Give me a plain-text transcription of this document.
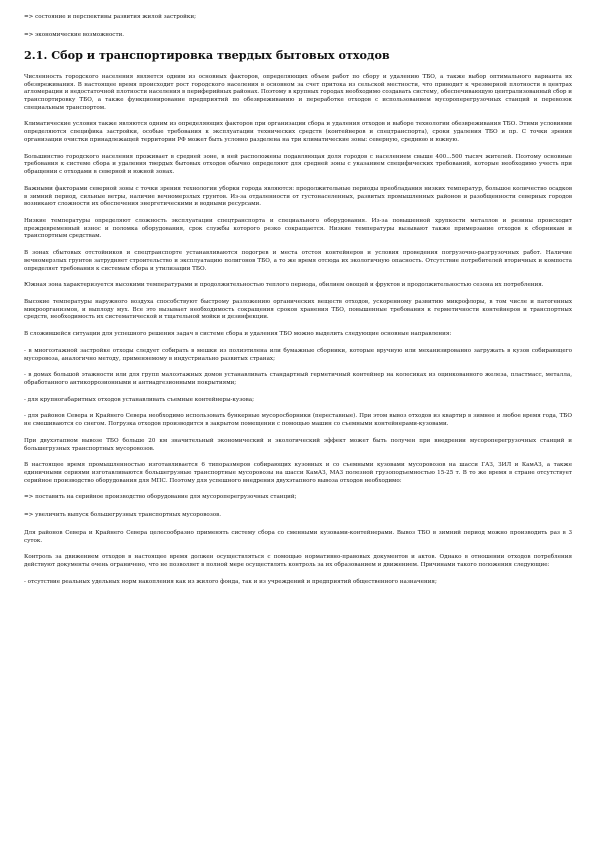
=> состояние и перспективы развития жилой застройки;

=> экономические возможности.

2.1. Сбор и транспортировка твердых бытовых отходов

Численность городского населения является одним из основных факторов, определяющих объем работ по сбору и удалению ТБО, а также выбор оптимального варианта их обезвреживания. В настоящее время происходит рост городского населения в основном за счет притока из сельской местности, что приводит к чрезмерной плотности в центрах агломерации и недостаточной плотности населения в периферийных районах. Поэтому в крупных городах необходимо создавать систему, обеспечивающую централизованный сбор и транспортировку ТБО, а также функционирование предприятий по обезвреживанию и переработке отходов с использованием мусороперегрузочных станций и перевозок специальным транспортом.

Климатические условия также являются одним из определяющих факторов при организации сбора и удаления отходов и выборе технологии обезвреживания ТБО. Этими условиями определяются специфика застройки, особые требования к эксплуатации технических средств (контейнеров и спецтранспорта), сроки удаления ТБО и пр. С точки зрения организации очистки принадлежащей территории РФ может быть условно разделена на три климатические зоны: северную, среднюю и южную.

Большинство городского населения проживает в средней зоне, в ней расположены подавляющая доля городов с населением свыше 400...500 тысяч жителей. Поэтому основные требования к системе сбора и удаления твердых бытовых отходов обычно определяют для средней зоны с указанием специфических требований, которые необходимо учесть при обращении с отходами в северной и южной зонах.

Важными факторами северной зоны с точки зрения технологии уборки города являются: продолжительные периоды преобладания низких температур, большое количество осадков в зимний период, сильные ветры, наличие вечномерзлых грунтов. Из-за отдаленности от густонаселенных, развитых промышленных районов и разобщенности северных городов возникают сложности их обеспечения энергетическими и водными ресурсами.

Низкие температуры определяют сложность эксплуатации спецтранспорта и специального оборудования. Из-за повышенной хрупкости металлов и резины происходит преждевременный износ и поломка оборудования, срок службы которого резко сокращается. Низкие температуры вызывают также примерзание отходов к сборникам и транспортным средствам.

В зонах сбытовых отстойников и спецтранспорте устанавливаются подогрев и места отстоя контейнеров и условия проведения погрузочно-разгрузочных работ. Наличие вечномерзлых грунтов затрудняет строительство и эксплуатацию полигонов ТБО, а то же время отсюда их экологичную опасность. Отсутствие потребителей вторичных и компоста определяет требования к системам сбора и утилизации ТБО.

Южная зона характеризуется высокими температурами и продолжительностью теплого периода, обилием овощей и фруктов и продолжительностью сезона их потребления.

Высокие температуры наружного воздуха способствуют быстрому разложению органических веществ отходов, ускоренному развитию микрофлоры, в том числе и патогенных микроорганизмов, и выплоду мух. Все это вызывает необходимость сокращения сроков хранения ТБО, повышенные требования к герметичности контейнеров и транспортных средств, необходимость их систематической и тщательной мойки и дезинфекции.

В сложившейся ситуации для успешного решения задач в системе сбора и удаления ТБО можно выделить следующие основные направления:

- в многоэтажной застройке отходы следует собирать в мешки из полиэтилена или бумажные сборники, которые вручную или механизированно загружать в кузов собирающего мусоровоза, аналогично методу, применяемому в индустриально развитых странах;

- в домах большой этажности или для групп малоэтажных домов устанавливать стандартный герметичный контейнер на колесиках из оцинкованного железа, пластмасс, металла, обработанного антикоррозионными и антиадгезионными покрытиями;

- для крупногабаритных отходов устанавливать съемные контейнеры-кузова;

- для районов Севера и Крайнего Севера необходимо использовать бункерные мусоросборники (переставные). При этом вывоз отходов из квартир в зимнее и любое время года, ТБО не смешиваются со снегом. Погрузка отходов производится в закрытом помещении с помощью машин со съемными контейнерами-кузовами.

При двухэтапном вывозе ТБО больше 20 км значительный экономический и экологический эффект может быть получен при внедрении мусороперегрузочных станций и большегрузных транспортных мусоровозов.

В настоящее время промышленностью изготавливается 6 типоразмеров собирающих кузовных и со съемными кузовами мусоровозов на шасси ГАЗ, ЗИЛ и КамАЗ, а также единичными сериями изготавливаются большегрузные транспортные мусоровозы на шасси КамАЗ, МАЗ полезной грузоподъемностью 15-25 т. В то же время в стране отсутствует серийное производство оборудования для МПС. Поэтому для успешного внедрения двухэтапного вывоза отходов необходимо:

=> поставить на серийное производство оборудование для мусороперегрузочных станций;

=> увеличить выпуск большегрузных транспортных мусоровозов.

Для районов Севера и Крайнего Севера целесообразно применять систему сбора со сменными кузовами-контейнерами. Вывоз ТБО в зимний период можно производить раз в 3 суток.

Контроль за движением отходов в настоящее время должен осуществляться с помощью нормативно-правовых документов и актов. Однако в отношении отходов потребления действуют документы очень ограничено, что не позволяет в полной мере осуществлять контроль за их образованием и движением. Причинами такого положения следующие:

- отсутствие реальных удельных норм накопления как из жилого фонда, так и из учреждений и предприятий общественного назначения;
